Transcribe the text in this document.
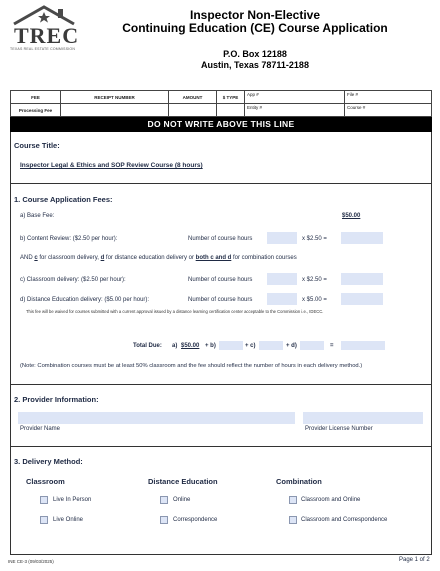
TREC
TEXAS REAL ESTATE COMMISSION
Inspector Non-Elective
Continuing Education (CE) Course Application
P.O. Box 12188
Austin, Texas 78711-2188
FEE	RECEIPT NUMBER	AMOUNT	$ TYPE	App #	File #
Processing Fee				Entity #	Course #
DO NOT WRITE ABOVE THIS LINE
Course Title:
Inspector Legal & Ethics and SOP Review Course (8 hours)
1. Course Application Fees:
a) Base Fee:	$50.00
b) Content Review: ($2.50 per hour):	Number of course hours	x $2.50 =
AND c for classroom delivery, d for distance education delivery or both c and d for combination courses
c) Classroom delivery: ($2.50 per hour):	Number of course hours	x $2.50 =
d) Distance Education delivery: ($5.00 per hour):	Number of course hours	x $5.00 =
This fee will be waived for courses submitted with a current approval issued by a distance learning certification center acceptable to the Commission i.e., IDECC.
Total Due: a) $50.00 + b)	+ c)	+ d)	=
(Note: Combination courses must be at least 50% classroom and the fee should reflect the number of hours in each delivery method.)
2. Provider Information:
Provider Name	Provider License Number
3. Delivery Method:
Classroom	Distance Education	Combination
Live In Person	Online	Classroom and Online
Live Online	Correspondence	Classroom and Correspondence
INE CE-3 (09/03/2025)	Page 1 of 2
